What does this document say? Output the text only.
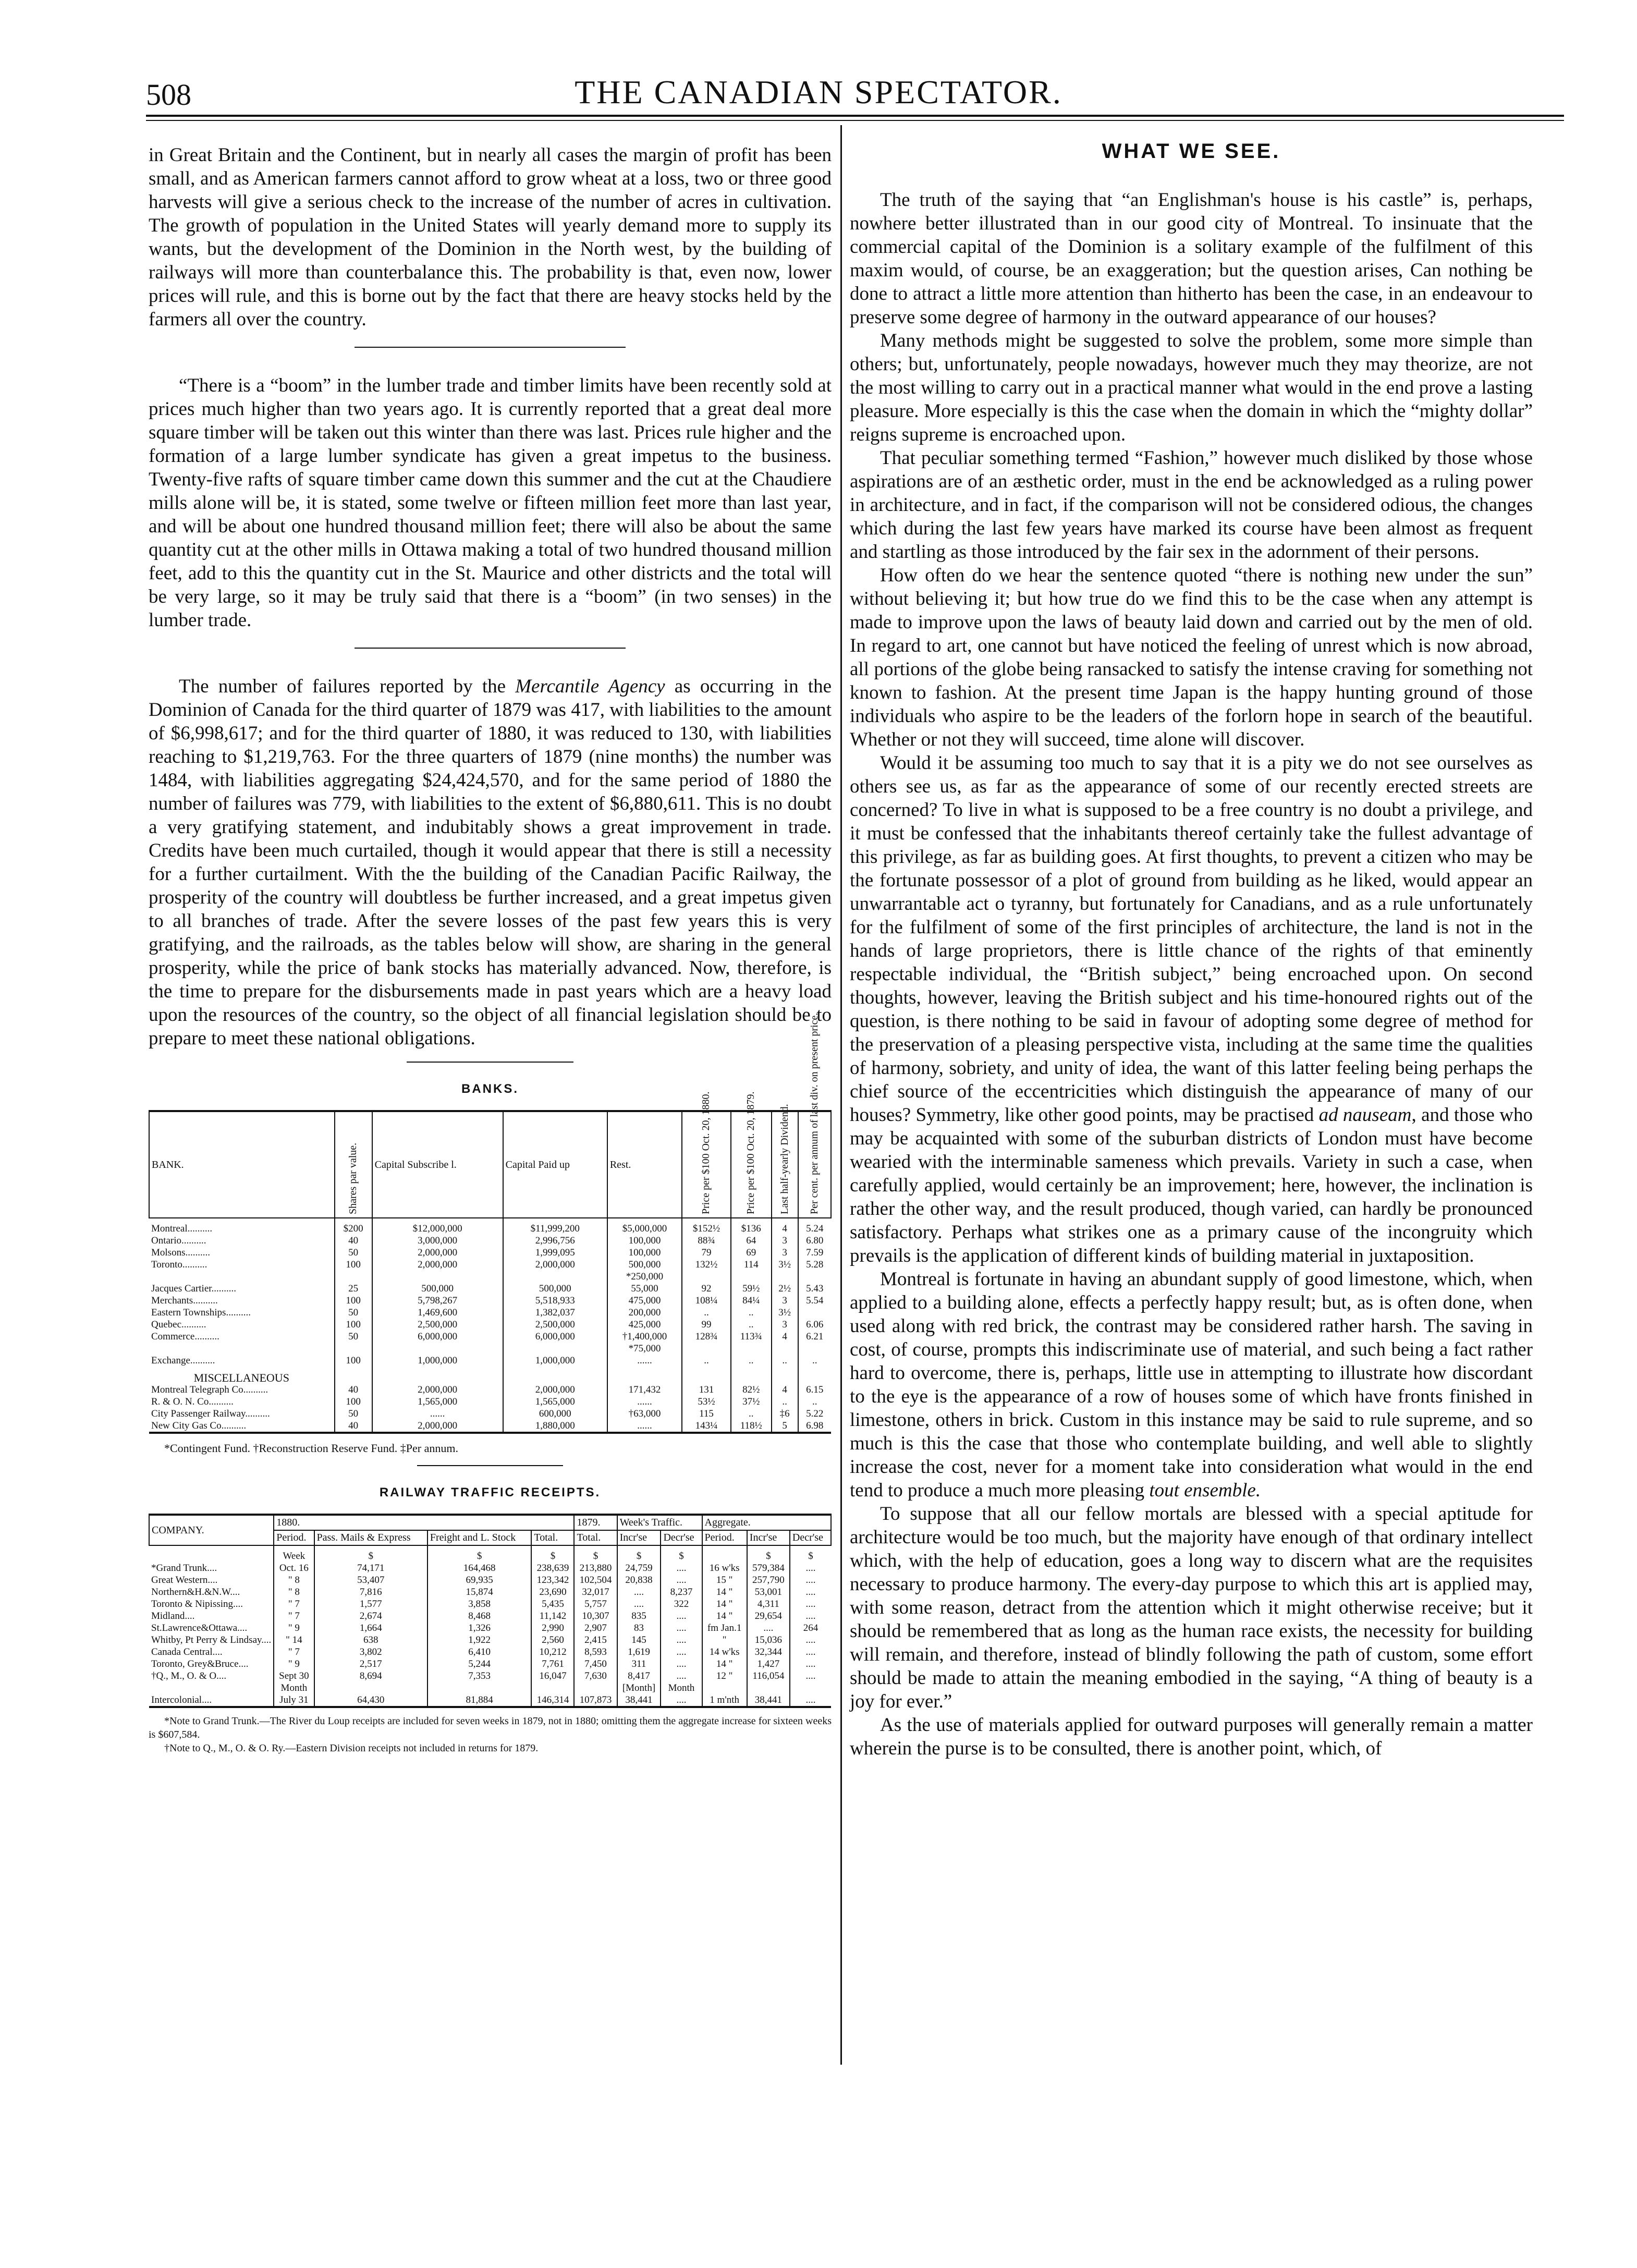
508	THE CANADIAN SPECTATOR.

in Great Britain and the Continent, but in nearly all cases the margin of profit has been small, and as American farmers cannot afford to grow wheat at a loss, two or three good harvests will give a serious check to the increase of the number of acres in cultivation. The growth of population in the United States will yearly demand more to supply its wants, but the development of the Dominion in the North west, by the building of railways will more than counterbalance this. The probability is that, even now, lower prices will rule, and this is borne out by the fact that there are heavy stocks held by the farmers all over the country.

“There is a “boom” in the lumber trade and timber limits have been recently sold at prices much higher than two years ago. It is currently reported that a great deal more square timber will be taken out this winter than there was last. Prices rule higher and the formation of a large lumber syndicate has given a great impetus to the business. Twenty-five rafts of square timber came down this summer and the cut at the Chaudiere mills alone will be, it is stated, some twelve or fifteen million feet more than last year, and will be about one hundred thousand million feet; there will also be about the same quantity cut at the other mills in Ottawa making a total of two hundred thousand million feet, add to this the quantity cut in the St. Maurice and other districts and the total will be very large, so it may be truly said that there is a “boom” (in two senses) in the lumber trade.

The number of failures reported by the Mercantile Agency as occurring in the Dominion of Canada for the third quarter of 1879 was 417, with liabilities to the amount of $6,998,617; and for the third quarter of 1880, it was reduced to 130, with liabilities reaching to $1,219,763. For the three quarters of 1879 (nine months) the number was 1484, with liabilities aggregating $24,424,570, and for the same period of 1880 the number of failures was 779, with liabilities to the extent of $6,880,611. This is no doubt a very gratifying statement, and indubitably shows a great improvement in trade. Credits have been much curtailed, though it would appear that there is still a necessity for a further curtailment. With the the building of the Canadian Pacific Railway, the prosperity of the country will doubtless be further increased, and a great impetus given to all branches of trade. After the severe losses of the past few years this is very gratifying, and the railroads, as the tables below will show, are sharing in the general prosperity, while the price of bank stocks has materially advanced. Now, therefore, is the time to prepare for the disbursements made in past years which are a heavy load upon the resources of the country, so the object of all financial legislation should be to prepare to meet these national obligations.

BANKS.
BANK.	Shares par value.	Capital Subscribe l.	Capital Paid up	Rest.	Price per $100 Oct. 20, 1880.	Price per $100 Oct. 20, 1879.	Last half-yearly Dividend.	Per cent. per annum of last div. on present price.

Montreal..........	$200	$12,000,000	$11,999,200	$5,000,000	$152½	$136	4	5.24
Ontario..........	40	3,000,000	2,996,756	100,000	88¾	64	3	6.80
Molsons..........	50	2,000,000	1,999,095	100,000	79	69	3	7.59
Toronto..........	100	2,000,000	2,000,000	500,000	132½	114	3½	5.28
				*250,000				
Jacques Cartier..........	25	500,000	500,000	55,000	92	59½	2½	5.43
Merchants..........	100	5,798,267	5,518,933	475,000	108¼	84¼	3	5.54
Eastern Townships..........	50	1,469,600	1,382,037	200,000	..	..	3½	
Quebec..........	100	2,500,000	2,500,000	425,000	99	..	3	6.06
Commerce..........	50	6,000,000	6,000,000	†1,400,000	128¾	113¾	4	6.21
				*75,000				
Exchange..........	100	1,000,000	1,000,000	......	..	..	..	..
MISCELLANEOUS								
Montreal Telegraph Co..........	40	2,000,000	2,000,000	171,432	131	82½	4	6.15
R. & O. N. Co..........	100	1,565,000	1,565,000	......	53½	37½	..	..
City Passenger Railway..........	50	......	600,000	†63,000	115	..	‡6	5.22
New City Gas Co..........	40	2,000,000	1,880,000	......	143¼	118½	5	6.98
*Contingent Fund. †Reconstruction Reserve Fund. ‡Per annum.
RAILWAY TRAFFIC RECEIPTS.
COMPANY.	1880.				1879.	Week's Traffic.		Aggregate.		
	Period.	Pass. Mails & Express	Freight and L. Stock	Total.	Total.	Incr'se	Decr'se	Period.	Incr'se	Decr'se
	Week	$	$	$	$	$	$		$	$
*Grand Trunk....	Oct. 16	74,171	164,468	238,639	213,880	24,759	....	16 w'ks	579,384	....
Great Western....	" 8	53,407	69,935	123,342	102,504	20,838	....	15 "	257,790	....
Northern&H.&N.W....	" 8	7,816	15,874	23,690	32,017	....	8,237	14 "	53,001	....
Toronto & Nipissing....	" 7	1,577	3,858	5,435	5,757	....	322	14 "	4,311	....
Midland....	" 7	2,674	8,468	11,142	10,307	835	....	14 "	29,654	....
St.Lawrence&Ottawa....	" 9	1,664	1,326	2,990	2,907	83	....	fm Jan.1	....	264
Whitby, Pt Perry & Lindsay....	" 14	638	1,922	2,560	2,415	145	....	"	15,036	....
Canada Central....	" 7	3,802	6,410	10,212	8,593	1,619	....	14 w'ks	32,344	....
Toronto, Grey&Bruce....	" 9	2,517	5,244	7,761	7,450	311	....	14 "	1,427	....
†Q., M., O. & O....	Sept 30	8,694	7,353	16,047	7,630	8,417	....	12 "	116,054	....
	Month					[Month]	Month			
Intercolonial....	July 31	64,430	81,884	146,314	107,873	38,441	....	1 m'nth	38,441	....
*Note to Grand Trunk.—The River du Loup receipts are included for seven weeks in 1879, not in 1880; omitting them the aggregate increase for sixteen weeks is $607,584.
†Note to Q., M., O. & O. Ry.—Eastern Division receipts not included in returns for 1879.
WHAT WE SEE.

The truth of the saying that “an Englishman's house is his castle” is, perhaps, nowhere better illustrated than in our good city of Montreal. To insinuate that the commercial capital of the Dominion is a solitary example of the fulfilment of this maxim would, of course, be an exaggeration; but the question arises, Can nothing be done to attract a little more attention than hitherto has been the case, in an endeavour to preserve some degree of harmony in the outward appearance of our houses?

Many methods might be suggested to solve the problem, some more simple than others; but, unfortunately, people nowadays, however much they may theorize, are not the most willing to carry out in a practical manner what would in the end prove a lasting pleasure. More especially is this the case when the domain in which the “mighty dollar” reigns supreme is encroached upon.

That peculiar something termed “Fashion,” however much disliked by those whose aspirations are of an æsthetic order, must in the end be acknowledged as a ruling power in architecture, and in fact, if the comparison will not be considered odious, the changes which during the last few years have marked its course have been almost as frequent and startling as those introduced by the fair sex in the adornment of their persons.

How often do we hear the sentence quoted “there is nothing new under the sun” without believing it; but how true do we find this to be the case when any attempt is made to improve upon the laws of beauty laid down and carried out by the men of old. In regard to art, one cannot but have noticed the feeling of unrest which is now abroad, all portions of the globe being ransacked to satisfy the intense craving for something not known to fashion. At the present time Japan is the happy hunting ground of those individuals who aspire to be the leaders of the forlorn hope in search of the beautiful. Whether or not they will succeed, time alone will discover.

Would it be assuming too much to say that it is a pity we do not see ourselves as others see us, as far as the appearance of some of our recently erected streets are concerned? To live in what is supposed to be a free country is no doubt a privilege, and it must be confessed that the inhabitants thereof certainly take the fullest advantage of this privilege, as far as building goes. At first thoughts, to prevent a citizen who may be the fortunate possessor of a plot of ground from building as he liked, would appear an unwarrantable act o tyranny, but fortunately for Canadians, and as a rule unfortunately for the fulfilment of some of the first principles of architecture, the land is not in the hands of large proprietors, there is little chance of the rights of that eminently respectable individual, the “British subject,” being encroached upon. On second thoughts, however, leaving the British subject and his time-honoured rights out of the question, is there nothing to be said in favour of adopting some degree of method for the preservation of a pleasing perspective vista, including at the same time the qualities of harmony, sobriety, and unity of idea, the want of this latter feeling being perhaps the chief source of the eccentricities which distinguish the appearance of many of our houses? Symmetry, like other good points, may be practised ad nauseam, and those who may be acquainted with some of the suburban districts of London must have become wearied with the interminable sameness which prevails. Variety in such a case, when carefully applied, would certainly be an improvement; here, however, the inclination is rather the other way, and the result produced, though varied, can hardly be pronounced satisfactory. Perhaps what strikes one as a primary cause of the incongruity which prevails is the application of different kinds of building material in juxtaposition.

Montreal is fortunate in having an abundant supply of good limestone, which, when applied to a building alone, effects a perfectly happy result; but, as is often done, when used along with red brick, the contrast may be considered rather harsh. The saving in cost, of course, prompts this indiscriminate use of material, and such being a fact rather hard to overcome, there is, perhaps, little use in attempting to illustrate how discordant to the eye is the appearance of a row of houses some of which have fronts finished in limestone, others in brick. Custom in this instance may be said to rule supreme, and so much is this the case that those who contemplate building, and well able to slightly increase the cost, never for a moment take into consideration what would in the end tend to produce a much more pleasing tout ensemble.

To suppose that all our fellow mortals are blessed with a special aptitude for architecture would be too much, but the majority have enough of that ordinary intellect which, with the help of education, goes a long way to discern what are the requisites necessary to produce harmony. The every-day purpose to which this art is applied may, with some reason, detract from the attention which it might otherwise receive; but it should be remembered that as long as the human race exists, the necessity for building will remain, and therefore, instead of blindly following the path of custom, some effort should be made to attain the meaning embodied in the saying, “A thing of beauty is a joy for ever.”

As the use of materials applied for outward purposes will generally remain a matter wherein the purse is to be consulted, there is another point, which, of
